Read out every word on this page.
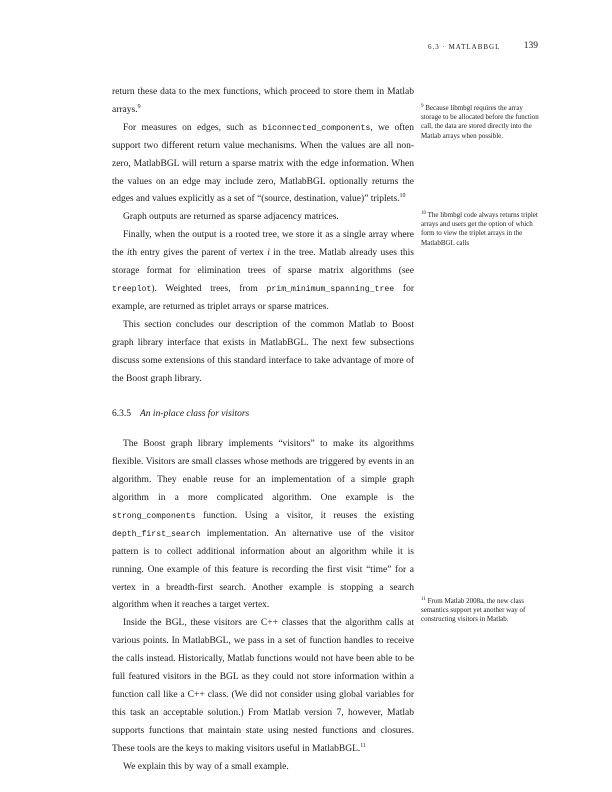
6.3 · MATLABBGL 139

return these data to the mex functions, which proceed to store them in Matlab arrays.$^9$

For measures on edges, such as biconnected_components, we often support two different return value mechanisms. When the values are all non-zero, MatlabBGL will return a sparse matrix with the edge information. When the values on an edge may include zero, MatlabBGL optionally returns the edges and values explicitly as a set of “(source, destination, value)” triplets.$^{10}$

Graph outputs are returned as sparse adjacency matrices.

Finally, when the output is a rooted tree, we store it as a single array where the ith entry gives the parent of vertex i in the tree. Matlab already uses this storage format for elimination trees of sparse matrix algorithms (see treeplot). Weighted trees, from prim_minimum_spanning_tree for example, are returned as triplet arrays or sparse matrices.

This section concludes our description of the common Matlab to Boost graph library interface that exists in MatlabBGL. The next few subsections discuss some extensions of this standard interface to take advantage of more of the Boost graph library.

6.3.5 An in-place class for visitors

The Boost graph library implements “visitors” to make its algorithms flexible. Visitors are small classes whose methods are triggered by events in an algorithm. They enable reuse for an implementation of a simple graph algorithm in a more complicated algorithm. One example is the strong_components function. Using a visitor, it reuses the existing depth_first_search implementation. An alternative use of the visitor pattern is to collect additional information about an algorithm while it is running. One example of this feature is recording the first visit “time” for a vertex in a breadth-first search. Another example is stopping a search algorithm when it reaches a target vertex.

Inside the BGL, these visitors are C++ classes that the algorithm calls at various points. In MatlabBGL, we pass in a set of function handles to receive the calls instead. Historically, Matlab functions would not have been able to be full featured visitors in the BGL as they could not store information within a function call like a C++ class. (We did not consider using global variables for this task an acceptable solution.) From Matlab version 7, however, Matlab supports functions that maintain state using nested functions and closures. These tools are the keys to making visitors useful in MatlabBGL.$^{11}$

We explain this by way of a small example.

$^9$ Because libmbgl requires the array storage to be allocated before the function call, the data are stored directly into the Matlab arrays when possible.
$^{10}$ The libmbgl code always returns triplet arrays and users get the option of which form to view the triplet arrays in the MatlabBGL calls
$^{11}$ From Matlab 2008a, the new class semantics support yet another way of constructing visitors in Matlab.
